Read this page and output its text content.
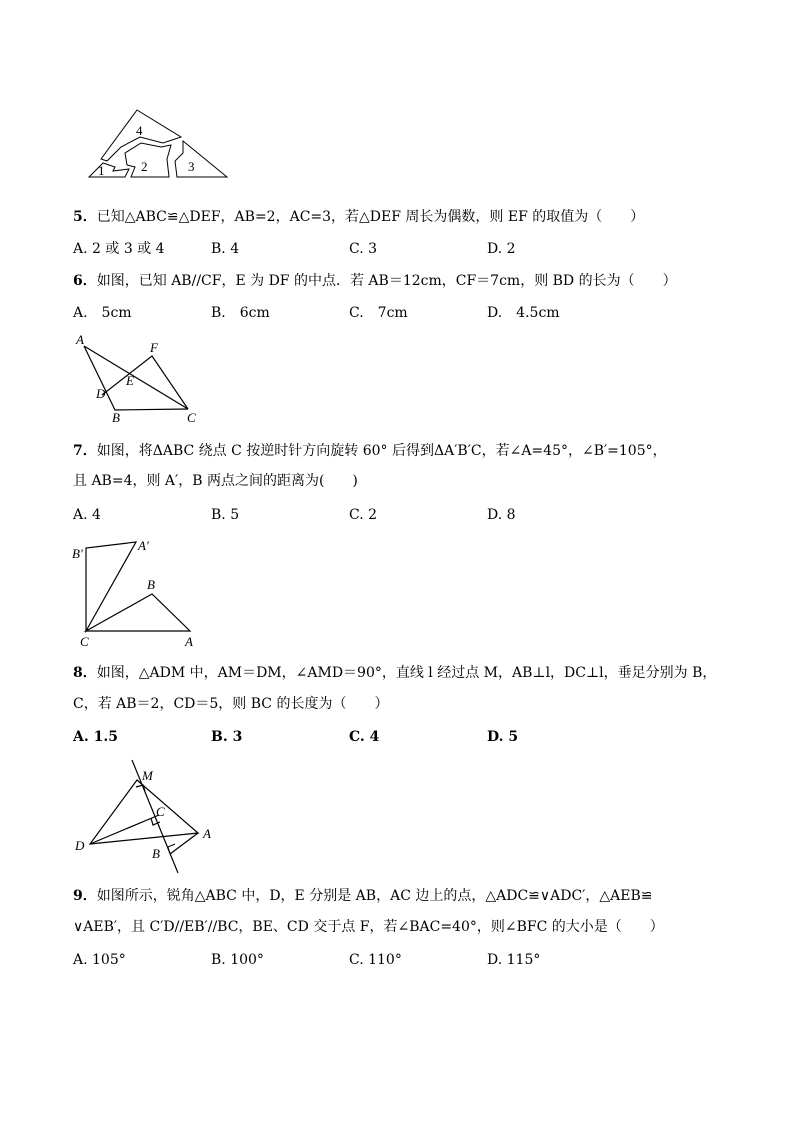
4
2	3
1
5．已知△ABC≌△DEF，AB=2，AC=3，若△DEF 周长为偶数，则 EF 的取值为（　　）
A. 2 或 3 或 4	B. 4	C. 3	D. 2
6．如图，已知 AB//CF，E 为 DF 的中点．若 AB＝12cm，CF＝7cm，则 BD 的长为（　　）
A.　5cm	B.　6cm	C.　7cm	D.　4.5cm
A
F
E
D
B	C
7．如图，将ΔABC 绕点 C 按逆时针方向旋转 60° 后得到ΔA′B′C，若∠A=45°，∠B′=105°，
且 AB=4，则 A′，B 两点之间的距离为(　　)
A. 4	B. 5	C. 2	D. 8
B′
A′
B
C	A
8．如图，△ADM 中，AM＝DM，∠AMD＝90°，直线 l 经过点 M，AB⊥l，DC⊥l，垂足分别为 B，
C，若 AB＝2，CD＝5，则 BC 的长度为（　　）
A. 1.5	B. 3	C. 4	D. 5
M
C
A
D
B
9．如图所示，锐角△ABC 中，D，E 分别是 AB，AC 边上的点，△ADC≌∨ADC′，△AEB≌
∨AEB′，且 C′D//EB′//BC，BE、CD 交于点 F，若∠BAC=40°，则∠BFC 的大小是（　　）
A. 105°	B. 100°	C. 110°	D. 115°
